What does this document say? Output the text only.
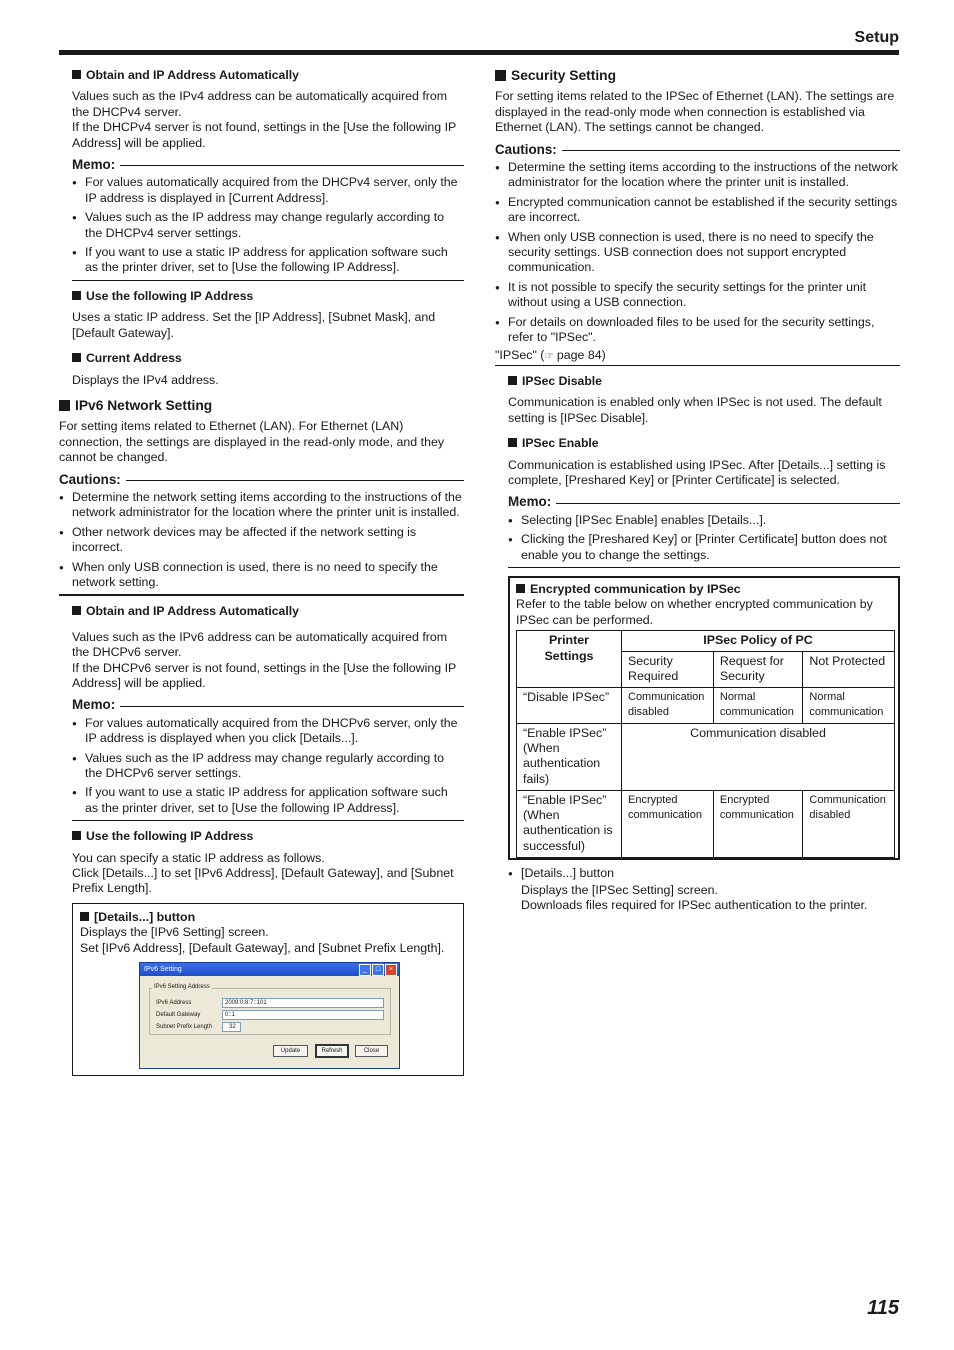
Setup
Obtain and IP Address Automatically

Values such as the IPv4 address can be automatically acquired from the DHCPv4 server.

If the DHCPv4 server is not found, settings in the [Use the following IP Address] will be applied.

Memo:
● For values automatically acquired from the DHCPv4 server, only the IP address is displayed in [Current Address].
● Values such as the IP address may change regularly according to the DHCPv4 server settings.
● If you want to use a static IP address for application software such as the printer driver, set to [Use the following IP Address].
Use the following IP Address

Uses a static IP address. Set the [IP Address], [Subnet Mask], and [Default Gateway].

Current Address

Displays the IPv4 address.

IPv6 Network Setting

For setting items related to Ethernet (LAN). For Ethernet (LAN) connection, the settings are displayed in the read-only mode, and they cannot be changed.

Cautions:
● Determine the network setting items according to the instructions of the network administrator for the location where the printer unit is installed.
● Other network devices may be affected if the network setting is incorrect.
● When only USB connection is used, there is no need to specify the network setting.
Obtain and IP Address Automatically

Values such as the IPv6 address can be automatically acquired from the DHCPv6 server.

If the DHCPv6 server is not found, settings in the [Use the following IP Address] will be applied.

Memo:
● For values automatically acquired from the DHCPv6 server, only the IP address is displayed when you click [Details...].
● Values such as the IP address may change regularly according to the DHCPv6 server settings.
● If you want to use a static IP address for application software such as the printer driver, set to [Use the following IP Address].
Use the following IP Address

You can specify a static IP address as follows.

Click [Details...] to set [IPv6 Address], [Default Gateway], and [Subnet Prefix Length].

[Details...] button
Displays the [IPv6 Setting] screen.
Set [IPv6 Address], [Default Gateway], and [Subnet Prefix Length].
IPv6 Setting	_	□	×
IPv6 Setting Address
IPv6 Address	2009:0:8:7::101
Default Gateway	0::1
Subnet Prefix Length	32
Update	Refresh	Close
Security Setting

For setting items related to the IPSec of Ethernet (LAN). The settings are displayed in the read-only mode when connection is established via Ethernet (LAN). The settings cannot be changed.

Cautions:
● Determine the setting items according to the instructions of the network administrator for the location where the printer unit is installed.
● Encrypted communication cannot be established if the security settings are incorrect.
● When only USB connection is used, there is no need to specify the security settings. USB connection does not support encrypted communication.
● It is not possible to specify the security settings for the printer unit without using a USB connection.
● For details on downloaded files to be used for the security settings, refer to "IPSec".
"IPSec" (☞ page 84)
IPSec Disable

Communication is enabled only when IPSec is not used. The default setting is [IPSec Disable].

IPSec Enable

Communication is established using IPSec. After [Details...] setting is complete, [Preshared Key] or [Printer Certificate] is selected.

Memo:
● Selecting [IPSec Enable] enables [Details...].
● Clicking the [Preshared Key] or [Printer Certificate] button does not enable you to change the settings.
Encrypted communication by IPSec
Refer to the table below on whether encrypted communication by IPSec can be performed.
Printer Settings	IPSec Policy of PC		
	Security Required	Request for Security	Not Protected
“Disable IPSec”	Communication disabled	Normal communication	Normal communication
“Enable IPSec” (When authentication fails)	Communication disabled		
“Enable IPSec” (When authentication is successful)	Encrypted communication	Encrypted communication	Communication disabled
● [Details...] button
Displays the [IPSec Setting] screen.
Downloads files required for IPSec authentication to the printer.
115
